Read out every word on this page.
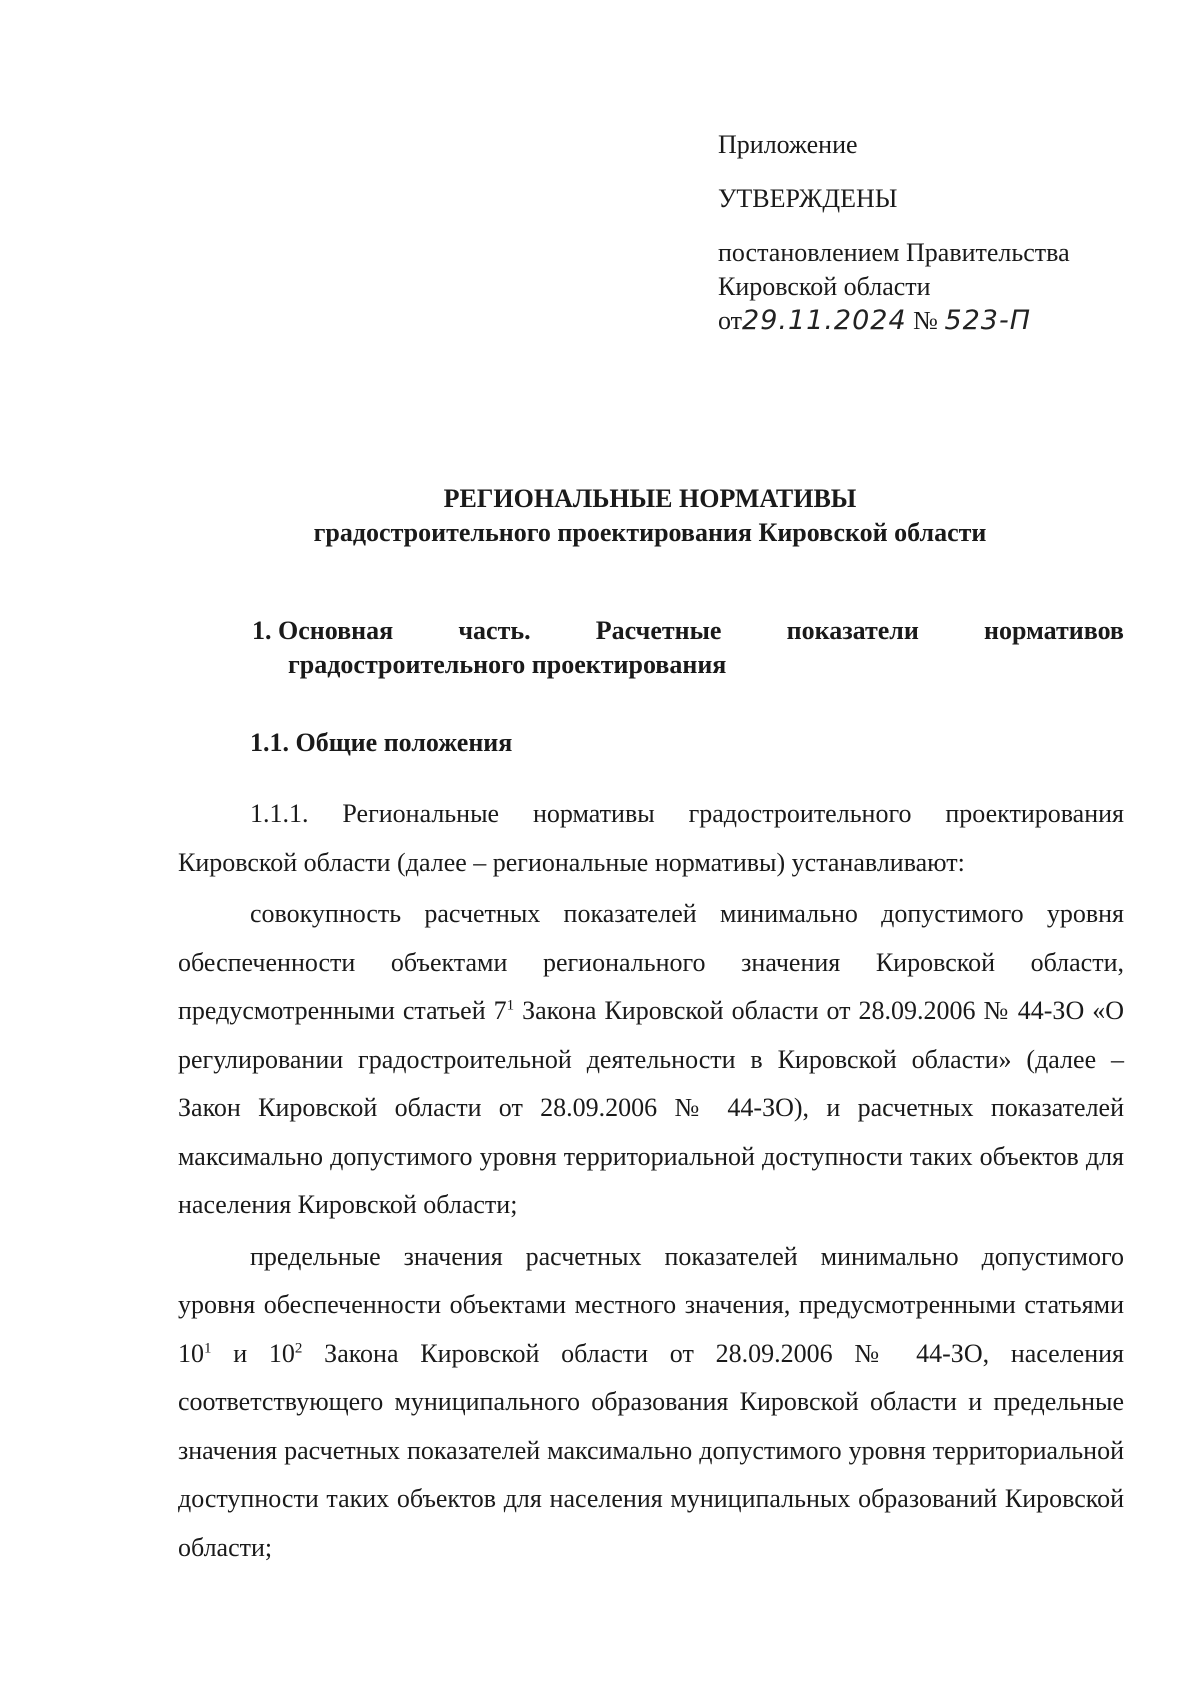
Приложение
УТВЕРЖДЕНЫ
постановлением Правительства
Кировской области
от29.11.2024 № 523-П
РЕГИОНАЛЬНЫЕ НОРМАТИВЫ
градостроительного проектирования Кировской области
1. Основная	часть.	Расчетные	показатели	нормативов
градостроительного проектирования
1.1. Общие положения

1.1.1. Региональные нормативы градостроительного проектирования Кировской области (далее – региональные нормативы) устанавливают:

совокупность расчетных показателей минимально допустимого уровня обеспеченности объектами регионального значения Кировской области, предусмотренными статьей $7^1$ Закона Кировской области от 28.09.2006 № 44-ЗО «О регулировании градостроительной деятельности в Кировской области» (далее – Закон Кировской области от 28.09.2006 № 44-ЗО), и расчетных показателей максимально допустимого уровня территориальной доступности таких объектов для населения Кировской области;

предельные значения расчетных показателей минимально допустимого уровня обеспеченности объектами местного значения, предусмотренными статьями $10^1$ и $10^2$ Закона Кировской области от 28.09.2006 № 44-ЗО, населения соответствующего муниципального образования Кировской области и предельные значения расчетных показателей максимально допустимого уровня территориальной доступности таких объектов для населения муниципальных образований Кировской области;
